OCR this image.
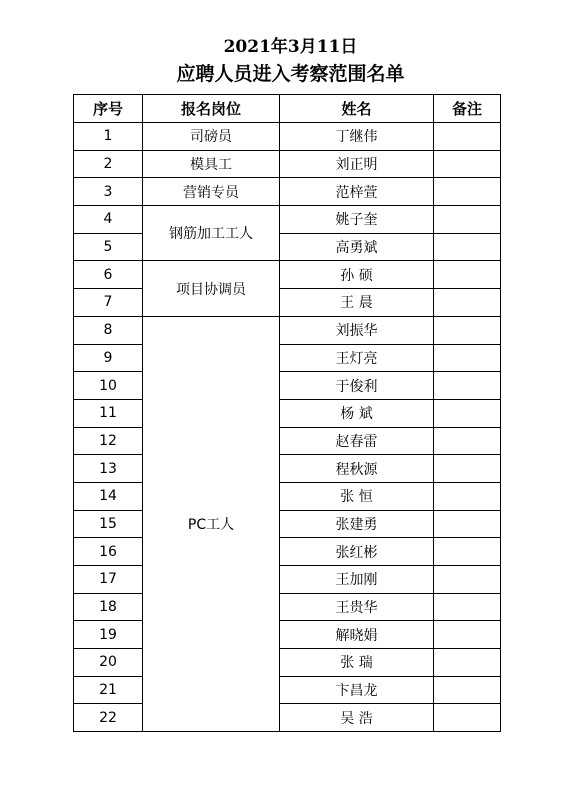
2021年3月11日
应聘人员进入考察范围名单
序号	报名岗位	姓名	备注
1	司磅员	丁继伟	
2	模具工	刘正明	
3	营销专员	范梓萱	
4	钢筋加工工人	姚子奎	
5		高勇斌	
6	项目协调员	孙 硕	
7		王 晨	
8	PC工人	刘振华	
9		王灯亮	
10		于俊利	
11		杨 斌	
12		赵春雷	
13		程秋源	
14		张 恒	
15		张建勇	
16		张红彬	
17		王加刚	
18		王贵华	
19		解晓娟	
20		张 瑞	
21		卞昌龙	
22		吴 浩	
